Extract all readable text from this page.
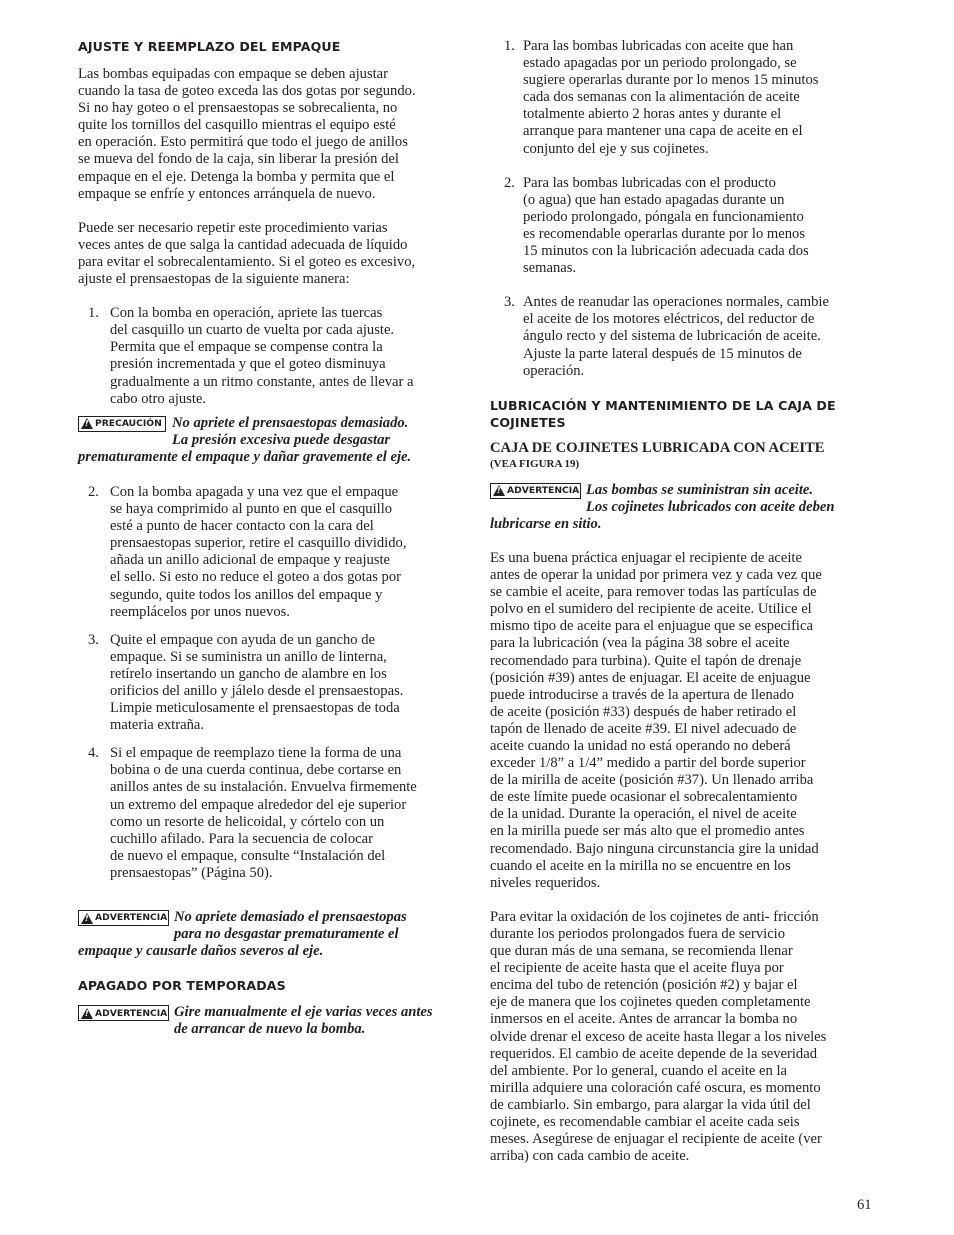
AJUSTE Y REEMPLAZO DEL EMPAQUE

Las bombas equipadas con empaque se deben ajustar
cuando la tasa de goteo exceda las dos gotas por segundo.
Si no hay goteo o el prensaestopas se sobrecalienta, no
quite los tornillos del casquillo mientras el equipo esté
en operación. Esto permitirá que todo el juego de anillos
se mueva del fondo de la caja, sin liberar la presión del
empaque en el eje. Detenga la bomba y permita que el
empaque se enfríe y entonces arránquela de nuevo.

Puede ser necesario repetir este procedimiento varias
veces antes de que salga la cantidad adecuada de líquido
para evitar el sobrecalentamiento. Si el goteo es excesivo,
ajuste el prensaestopas de la siguiente manera:

1. Con la bomba en operación, apriete las tuercas
del casquillo un cuarto de vuelta por cada ajuste.
Permita que el empaque se compense contra la
presión incrementada y que el goteo disminuya
gradualmente a un ritmo constante, antes de llevar a
cabo otro ajuste.
!
PRECAUCIÓN No apriete el prensaestopas demasiado.
La presión excesiva puede desgastar
prematuramente el empaque y dañar gravemente el eje.
2. Con la bomba apagada y una vez que el empaque
se haya comprimido al punto en que el casquillo
esté a punto de hacer contacto con la cara del
prensaestopas superior, retire el casquillo dividido,
añada un anillo adicional de empaque y reajuste
el sello. Si esto no reduce el goteo a dos gotas por
segundo, quite todos los anillos del empaque y
reemplácelos por unos nuevos.
3. Quite el empaque con ayuda de un gancho de
empaque. Si se suministra un anillo de linterna,
retírelo insertando un gancho de alambre en los
orificios del anillo y jálelo desde el prensaestopas.
Limpie meticulosamente el prensaestopas de toda
materia extraña.
4. Si el empaque de reemplazo tiene la forma de una
bobina o de una cuerda continua, debe cortarse en
anillos antes de su instalación. Envuelva firmemente
un extremo del empaque alrededor del eje superior
como un resorte de helicoidal, y córtelo con un
cuchillo afilado. Para la secuencia de colocar
de nuevo el empaque, consulte “Instalación del
prensaestopas” (Página 50).
!
ADVERTENCIA No apriete demasiado el prensaestopas
para no desgastar prematuramente el
empaque y causarle daños severos al eje.
APAGADO POR TEMPORADAS
!
ADVERTENCIA Gire manualmente el eje varias veces antes
de arrancar de nuevo la bomba.
1. Para las bombas lubricadas con aceite que han
estado apagadas por un periodo prolongado, se
sugiere operarlas durante por lo menos 15 minutos
cada dos semanas con la alimentación de aceite
totalmente abierto 2 horas antes y durante el
arranque para mantener una capa de aceite en el
conjunto del eje y sus cojinetes.
2. Para las bombas lubricadas con el producto
(o agua) que han estado apagadas durante un
periodo prolongado, póngala en funcionamiento
es recomendable operarlas durante por lo menos
15 minutos con la lubricación adecuada cada dos
semanas.
3. Antes de reanudar las operaciones normales, cambie
el aceite de los motores eléctricos, del reductor de
ángulo recto y del sistema de lubricación de aceite.
Ajuste la parte lateral después de 15 minutos de
operación.
LUBRICACIÓN Y MANTENIMIENTO DE LA CAJA DE
COJINETES

CAJA DE COJINETES LUBRICADA CON ACEITE

(VEA FIGURA 19)

!
ADVERTENCIA Las bombas se suministran sin aceite.
Los cojinetes lubricados con aceite deben
lubricarse en sitio.

Es una buena práctica enjuagar el recipiente de aceite
antes de operar la unidad por primera vez y cada vez que
se cambie el aceite, para remover todas las partículas de
polvo en el sumidero del recipiente de aceite. Utilice el
mismo tipo de aceite para el enjuague que se especifica
para la lubricación (vea la página 38 sobre el aceite
recomendado para turbina). Quite el tapón de drenaje
(posición #39) antes de enjuagar. El aceite de enjuague
puede introducirse a través de la apertura de llenado
de aceite (posición #33) después de haber retirado el
tapón de llenado de aceite #39. El nivel adecuado de
aceite cuando la unidad no está operando no deberá
exceder 1/8” a 1/4” medido a partir del borde superior
de la mirilla de aceite (posición #37). Un llenado arriba
de este límite puede ocasionar el sobrecalentamiento
de la unidad. Durante la operación, el nivel de aceite
en la mirilla puede ser más alto que el promedio antes
recomendado. Bajo ninguna circunstancia gire la unidad
cuando el aceite en la mirilla no se encuentre en los
niveles requeridos.

Para evitar la oxidación de los cojinetes de anti- fricción
durante los periodos prolongados fuera de servicio
que duran más de una semana, se recomienda llenar
el recipiente de aceite hasta que el aceite fluya por
encima del tubo de retención (posición #2) y bajar el
eje de manera que los cojinetes queden completamente
inmersos en el aceite. Antes de arrancar la bomba no
olvide drenar el exceso de aceite hasta llegar a los niveles
requeridos. El cambio de aceite depende de la severidad
del ambiente. Por lo general, cuando el aceite en la
mirilla adquiere una coloración café oscura, es momento
de cambiarlo. Sin embargo, para alargar la vida útil del
cojinete, es recomendable cambiar el aceite cada seis
meses. Asegúrese de enjuagar el recipiente de aceite (ver
arriba) con cada cambio de aceite.

61
